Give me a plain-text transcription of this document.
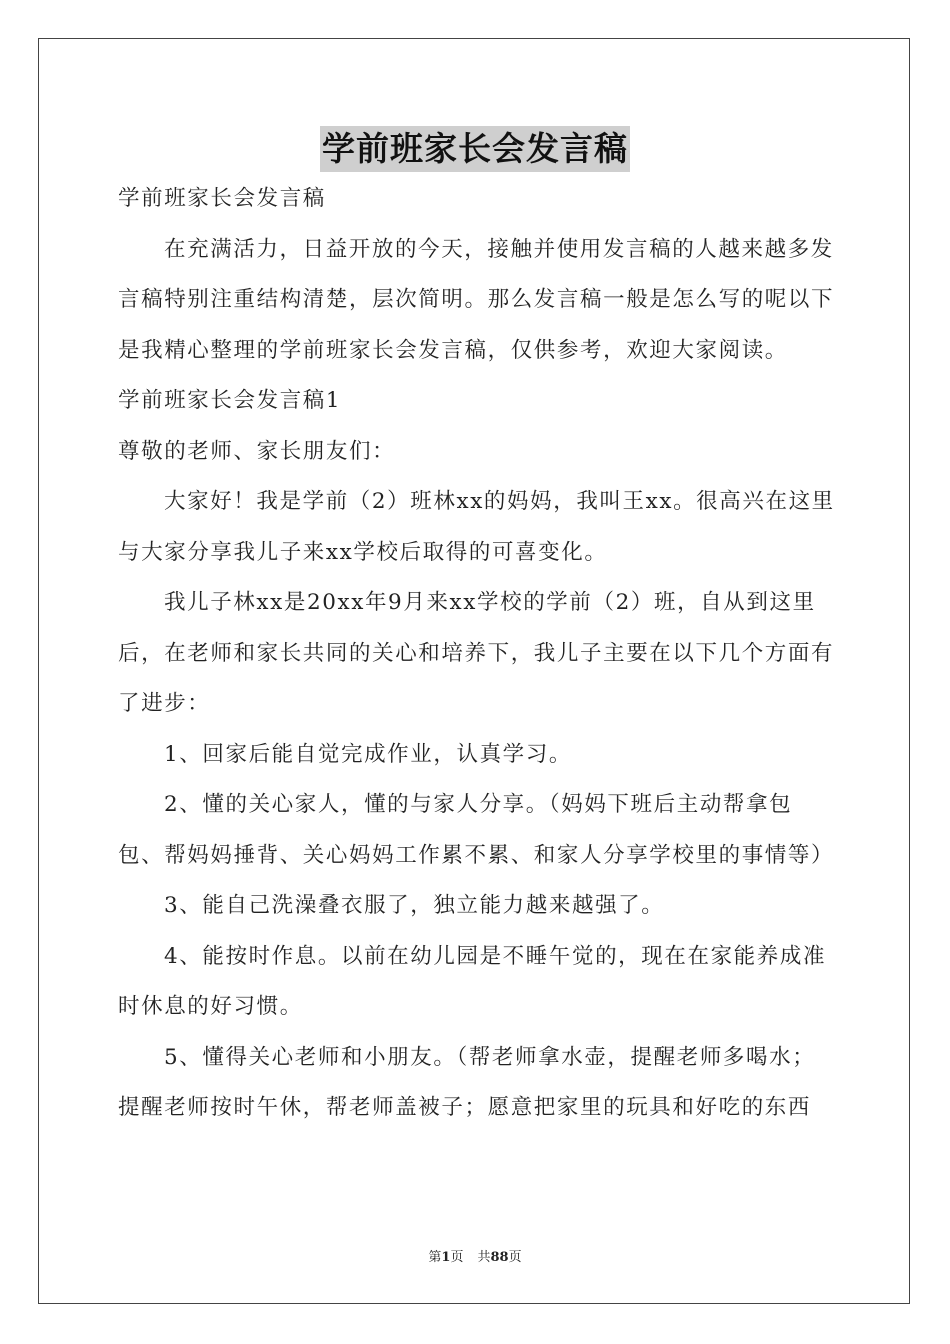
学前班家长会发言稿

学前班家长会发言稿

在充满活力，日益开放的今天，接触并使用发言稿的人越来越多发言稿特别注重结构清楚，层次简明。那么发言稿一般是怎么写的呢以下是我精心整理的学前班家长会发言稿，仅供参考，欢迎大家阅读。

学前班家长会发言稿1

尊敬的老师、家长朋友们：

大家好！我是学前（2）班林xx的妈妈，我叫王xx。很高兴在这里与大家分享我儿子来xx学校后取得的可喜变化。

我儿子林xx是20xx年9月来xx学校的学前（2）班，自从到这里后，在老师和家长共同的关心和培养下，我儿子主要在以下几个方面有了进步：

1、回家后能自觉完成作业，认真学习。

2、懂的关心家人，懂的与家人分享。（妈妈下班后主动帮拿包包、帮妈妈捶背、关心妈妈工作累不累、和家人分享学校里的事情等）

3、能自己洗澡叠衣服了，独立能力越来越强了。

4、能按时作息。以前在幼儿园是不睡午觉的，现在在家能养成准时休息的好习惯。

5、懂得关心老师和小朋友。（帮老师拿水壶，提醒老师多喝水；提醒老师按时午休，帮老师盖被子；愿意把家里的玩具和好吃的东西

第1页 共88页
